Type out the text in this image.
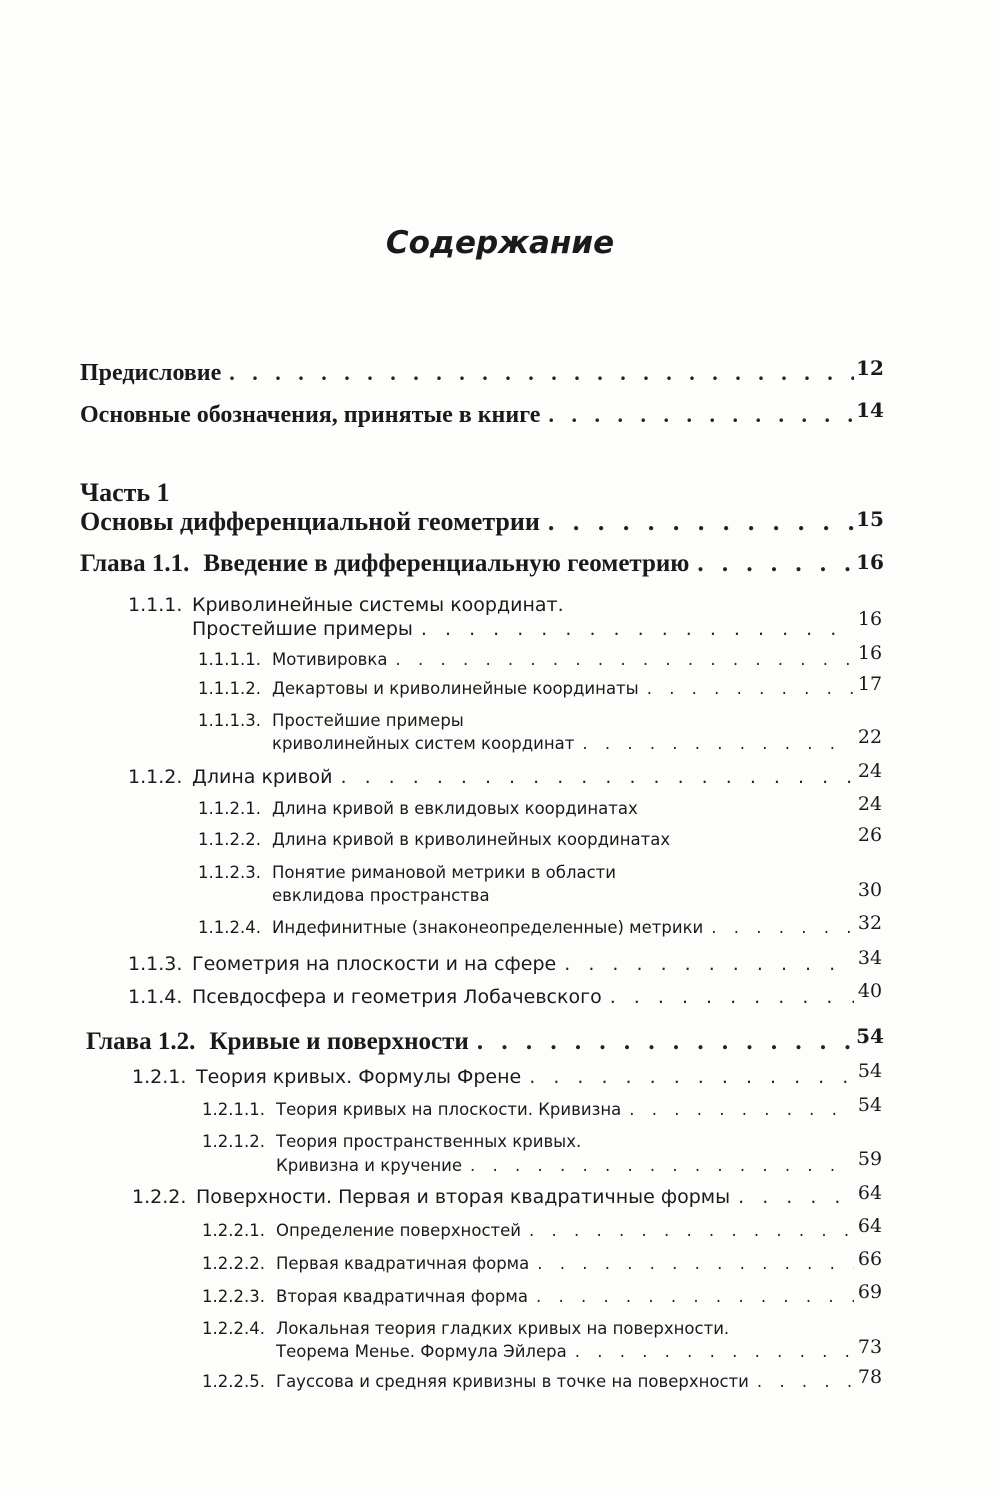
Содержание
Предисловие . . .	12
Основные обозначения, принятые в книге . . .	14
Часть 1
Основы дифференциальной геометрии . . .	15
Глава 1.1. Введение в дифференциальную геометрию . . .	16
1.1.1. Криволинейные системы координат.
Простейшие примеры . . .	16
1.1.1.1. Мотивировка . . .	16
1.1.1.2. Декартовы и криволинейные координаты . . .	17
1.1.1.3. Простейшие примеры
криволинейных систем координат . . .	22
1.1.2. Длина кривой . . .	24
1.1.2.1. Длина кривой в евклидовых координатах	24
1.1.2.2. Длина кривой в криволинейных координатах	26
1.1.2.3. Понятие римановой метрики в области
евклидова пространства	30
1.1.2.4. Индефинитные (знаконеопределенные) метрики . . .	32
1.1.3. Геометрия на плоскости и на сфере . . .	34
1.1.4. Псевдосфера и геометрия Лобачевского . . .	40
Глава 1.2. Кривые и поверхности . . .	54
1.2.1. Теория кривых. Формулы Френе . . .	54
1.2.1.1. Теория кривых на плоскости. Кривизна . . .	54
1.2.1.2. Теория пространственных кривых.
Кривизна и кручение . . .	59
1.2.2. Поверхности. Первая и вторая квадратичные формы . . .	64
1.2.2.1. Определение поверхностей . . .	64
1.2.2.2. Первая квадратичная форма . . .	66
1.2.2.3. Вторая квадратичная форма . . .	69
1.2.2.4. Локальная теория гладких кривых на поверхности.
Теорема Менье. Формула Эйлера . . .	73
1.2.2.5. Гауссова и средняя кривизны в точке на поверхности . . .	78
